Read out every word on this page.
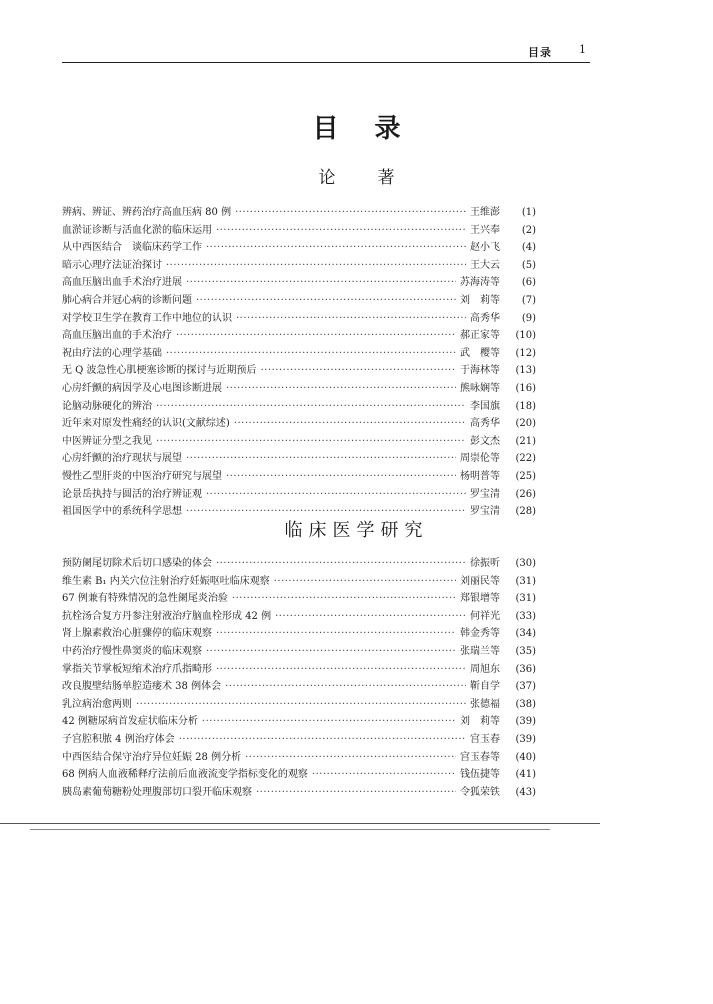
目录 1
目录
论著
辨病、辨证、辨药治疗高血压病 80 例 ·····	王维澎	(1)
血淤证诊断与活血化淤的临床运用 ·····	王兴奉	(2)
从中西医结合　谈临床药学工作 ·····	赵小飞	(4)
暗示心理疗法证治探讨 ·····	王大云	(5)
高血压脑出血手术治疗进展 ·····	苏海涛等	(6)
肺心病合并冠心病的诊断问题 ·····	刘　莉等	(7)
对学校卫生学在教育工作中地位的认识 ·····	高秀华	(9)
高血压脑出血的手术治疗 ·····	郝正家等	(10)
祝由疗法的心理学基础 ·····	武　樱等	(12)
无 Q 波急性心肌梗塞诊断的探讨与近期预后 ·····	于海林等	(13)
心房纤颤的病因学及心电图诊断进展 ·····	熊咏娴等	(16)
论脑动脉硬化的辨治 ·····	李国旗	(18)
近年来对原发性痛经的认识(文献综述) ·····	高秀华	(20)
中医辨证分型之我见 ·····	彭文杰	(21)
心房纤颤的治疗现状与展望 ·····	周崇伦等	(22)
慢性乙型肝炎的中医治疗研究与展望 ·····	杨明普等	(25)
论景岳执持与圆活的治疗辨证观 ·····	罗宝清	(26)
祖国医学中的系统科学思想 ·····	罗宝清	(28)
临床医学研究
预防阑尾切除术后切口感染的体会 ·····	徐振听	(30)
维生素 B₁ 内关穴位注射治疗妊娠呕吐临床观察 ·····	刘丽民等	(31)
67 例兼有特殊情况的急性阑尾炎治验 ·····	郑银增等	(31)
抗栓汤合复方丹参注射液治疗脑血栓形成 42 例 ·····	何祥光	(33)
肾上腺素救治心脏骤停的临床观察 ·····	韩金秀等	(34)
中药治疗慢性鼻窦炎的临床观察 ·····	张瑞兰等	(35)
掌指关节掌板短缩术治疗爪指畸形 ·····	周旭东	(36)
改良腹壁结肠单腔造瘘术 38 例体会 ·····	靳自学	(37)
乳泣病治愈两则 ·····	张德福	(38)
42 例糖尿病首发症状临床分析 ·····	刘　莉等	(39)
子宫腔积脓 4 例治疗体会 ·····	宫玉春	(39)
中西医结合保守治疗异位妊娠 28 例分析 ·····	宫玉春等	(40)
68 例病人血液稀释疗法前后血液流变学指标变化的观察 ·····	钱伍捷等	(41)
胰岛素葡萄糖粉处理腹部切口裂开临床观察 ·····	令狐荣铁	(43)
